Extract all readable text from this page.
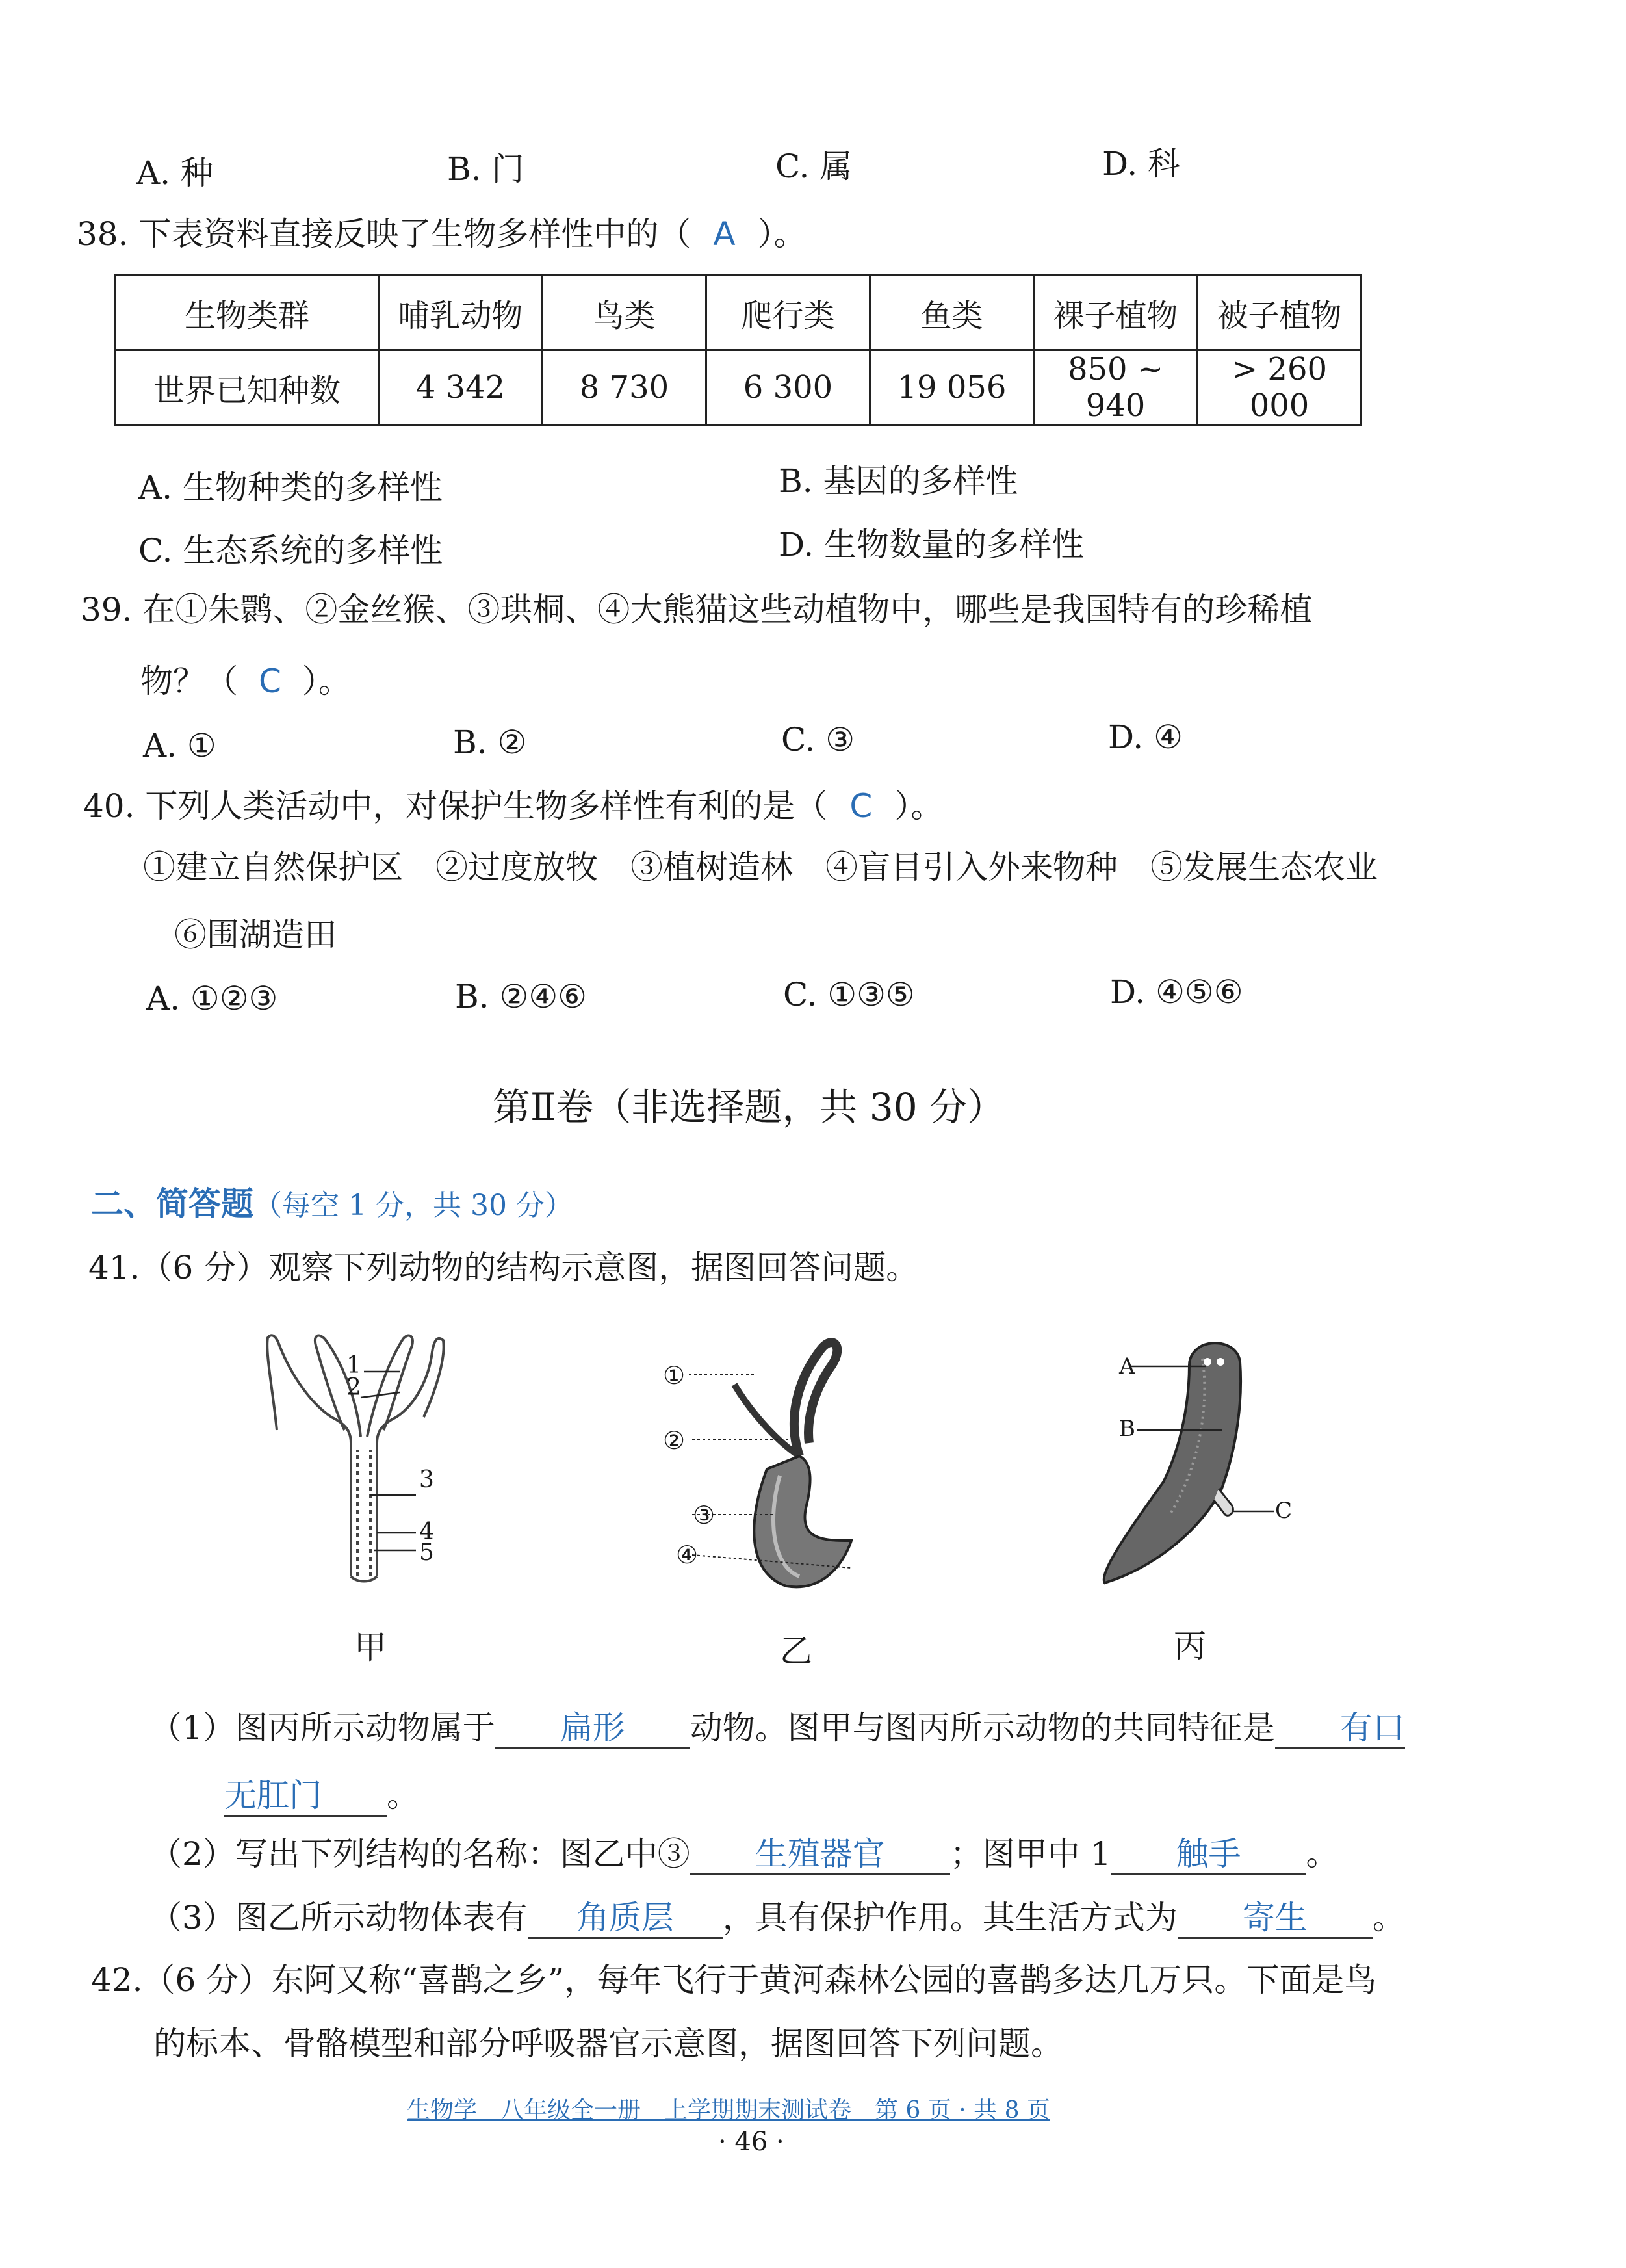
A. 种	B. 门	C. 属	D. 科
38. 下表资料直接反映了生物多样性中的（ A ）。
生物类群	哺乳动物	鸟类	爬行类	鱼类	裸子植物	被子植物
世界已知种数	4 342	8 730	6 300	19 056	850 ~ 940	> 260 000
A. 生物种类的多样性	B. 基因的多样性
C. 生态系统的多样性	D. 生物数量的多样性
39. 在①朱鹮、②金丝猴、③珙桐、④大熊猫这些动植物中，哪些是我国特有的珍稀植
物？（ C ）。
A. ①	B. ②	C. ③	D. ④
40. 下列人类活动中，对保护生物多样性有利的是（ C ）。
①建立自然保护区　②过度放牧　③植树造林　④盲目引入外来物种　⑤发展生态农业
⑥围湖造田
A. ①②③	B. ②④⑥	C. ①③⑤	D. ④⑤⑥
第Ⅱ卷（非选择题，共 30 分）
二、简答题（每空 1 分，共 30 分）
41.（6 分）观察下列动物的结构示意图，据图回答问题。
1
2
3
4
5
甲
①
②
③
④
乙
A
B
C
丙
（1）图丙所示动物属于 扁形 动物。图甲与图丙所示动物的共同特征是 有口
无肛门 。
（2）写出下列结构的名称：图乙中③ 生殖器官 ；图甲中 1 触手 。
（3）图乙所示动物体表有 角质层 ，具有保护作用。其生活方式为 寄生 。
42.（6 分）东阿又称“喜鹊之乡”，每年飞行于黄河森林公园的喜鹊多达几万只。下面是鸟
的标本、骨骼模型和部分呼吸器官示意图，据图回答下列问题。
生物学　八年级全一册　上学期期末测试卷　第 6 页 · 共 8 页
· 46 ·
